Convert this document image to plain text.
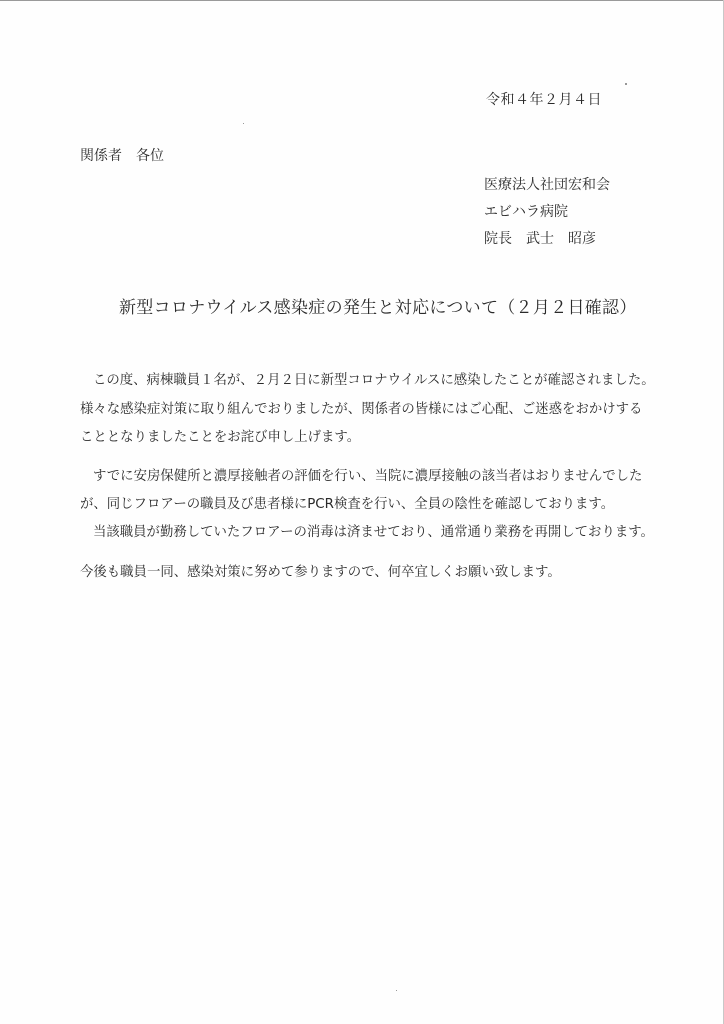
令和４年２月４日
関係者　各位
医療法人社団宏和会
エビハラ病院
院長　武士　昭彦
新型コロナウイルス感染症の発生と対応について（２月２日確認）
この度、病棟職員１名が、２月２日に新型コロナウイルスに感染したことが確認されました。
様々な感染症対策に取り組んでおりましたが、関係者の皆様にはご心配、ご迷惑をおかけする
こととなりましたことをお詫び申し上げます。
すでに安房保健所と濃厚接触者の評価を行い、当院に濃厚接触の該当者はおりませんでした
が、同じフロアーの職員及び患者様にPCR検査を行い、全員の陰性を確認しております。
当該職員が勤務していたフロアーの消毒は済ませており、通常通り業務を再開しております。
今後も職員一同、感染対策に努めて参りますので、何卒宜しくお願い致します。
